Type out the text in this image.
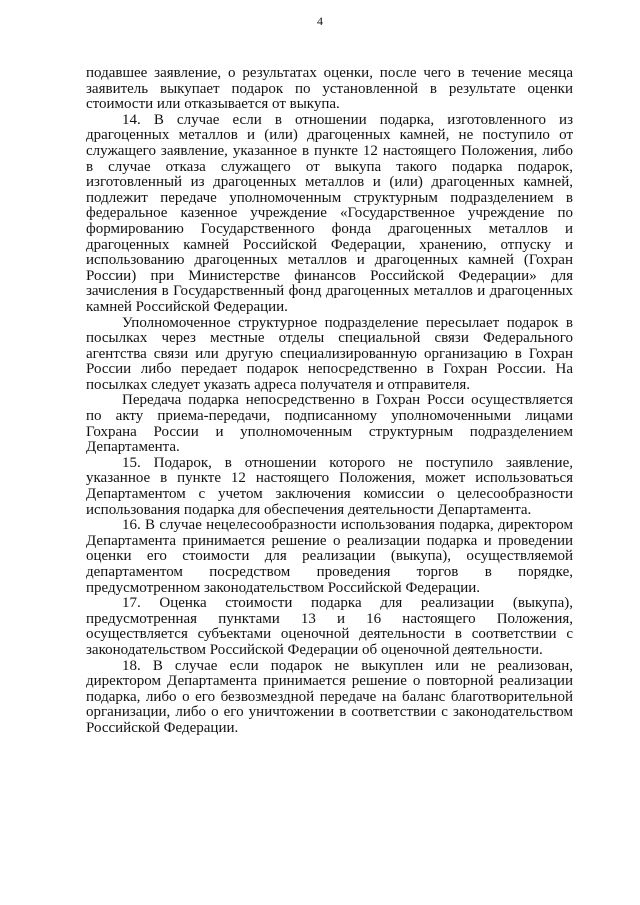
4

подавшее заявление, о результатах оценки, после чего в течение месяца заявитель выкупает подарок по установленной в результате оценки стоимости или отказывается от выкупа.

14. В случае если в отношении подарка, изготовленного из драгоценных металлов и (или) драгоценных камней, не поступило от служащего заявление, указанное в пункте 12 настоящего Положения, либо в случае отказа служащего от выкупа такого подарка подарок, изготовленный из драгоценных металлов и (или) драгоценных камней, подлежит передаче уполномоченным структурным подразделением в федеральное казенное учреждение «Государственное учреждение по формированию Государственного фонда драгоценных металлов и драгоценных камней Российской Федерации, хранению, отпуску и использованию драгоценных металлов и драгоценных камней (Гохран России) при Министерстве финансов Российской Федерации» для зачисления в Государственный фонд драгоценных металлов и драгоценных камней Российской Федерации.

Уполномоченное структурное подразделение пересылает подарок в посылках через местные отделы специальной связи Федерального агентства связи или другую специализированную организацию в Гохран России либо передает подарок непосредственно в Гохран России. На посылках следует указать адреса получателя и отправителя.

Передача подарка непосредственно в Гохран Росси осуществляется по акту приема-передачи, подписанному уполномоченными лицами Гохрана России и уполномоченным структурным подразделением Департамента.

15. Подарок, в отношении которого не поступило заявление, указанное в пункте 12 настоящего Положения, может использоваться Департаментом с учетом заключения комиссии о целесообразности использования подарка для обеспечения деятельности Департамента.

16. В случае нецелесообразности использования подарка, директором Департамента принимается решение о реализации подарка и проведении оценки его стоимости для реализации (выкупа), осуществляемой департаментом посредством проведения торгов в порядке, предусмотренном законодательством Российской Федерации.

17. Оценка стоимости подарка для реализации (выкупа), предусмотренная пунктами 13 и 16 настоящего Положения, осуществляется субъектами оценочной деятельности в соответствии с законодательством Российской Федерации об оценочной деятельности.

18. В случае если подарок не выкуплен или не реализован, директором Департамента принимается решение о повторной реализации подарка, либо о его безвозмездной передаче на баланс благотворительной организации, либо о его уничтожении в соответствии с законодательством Российской Федерации.
